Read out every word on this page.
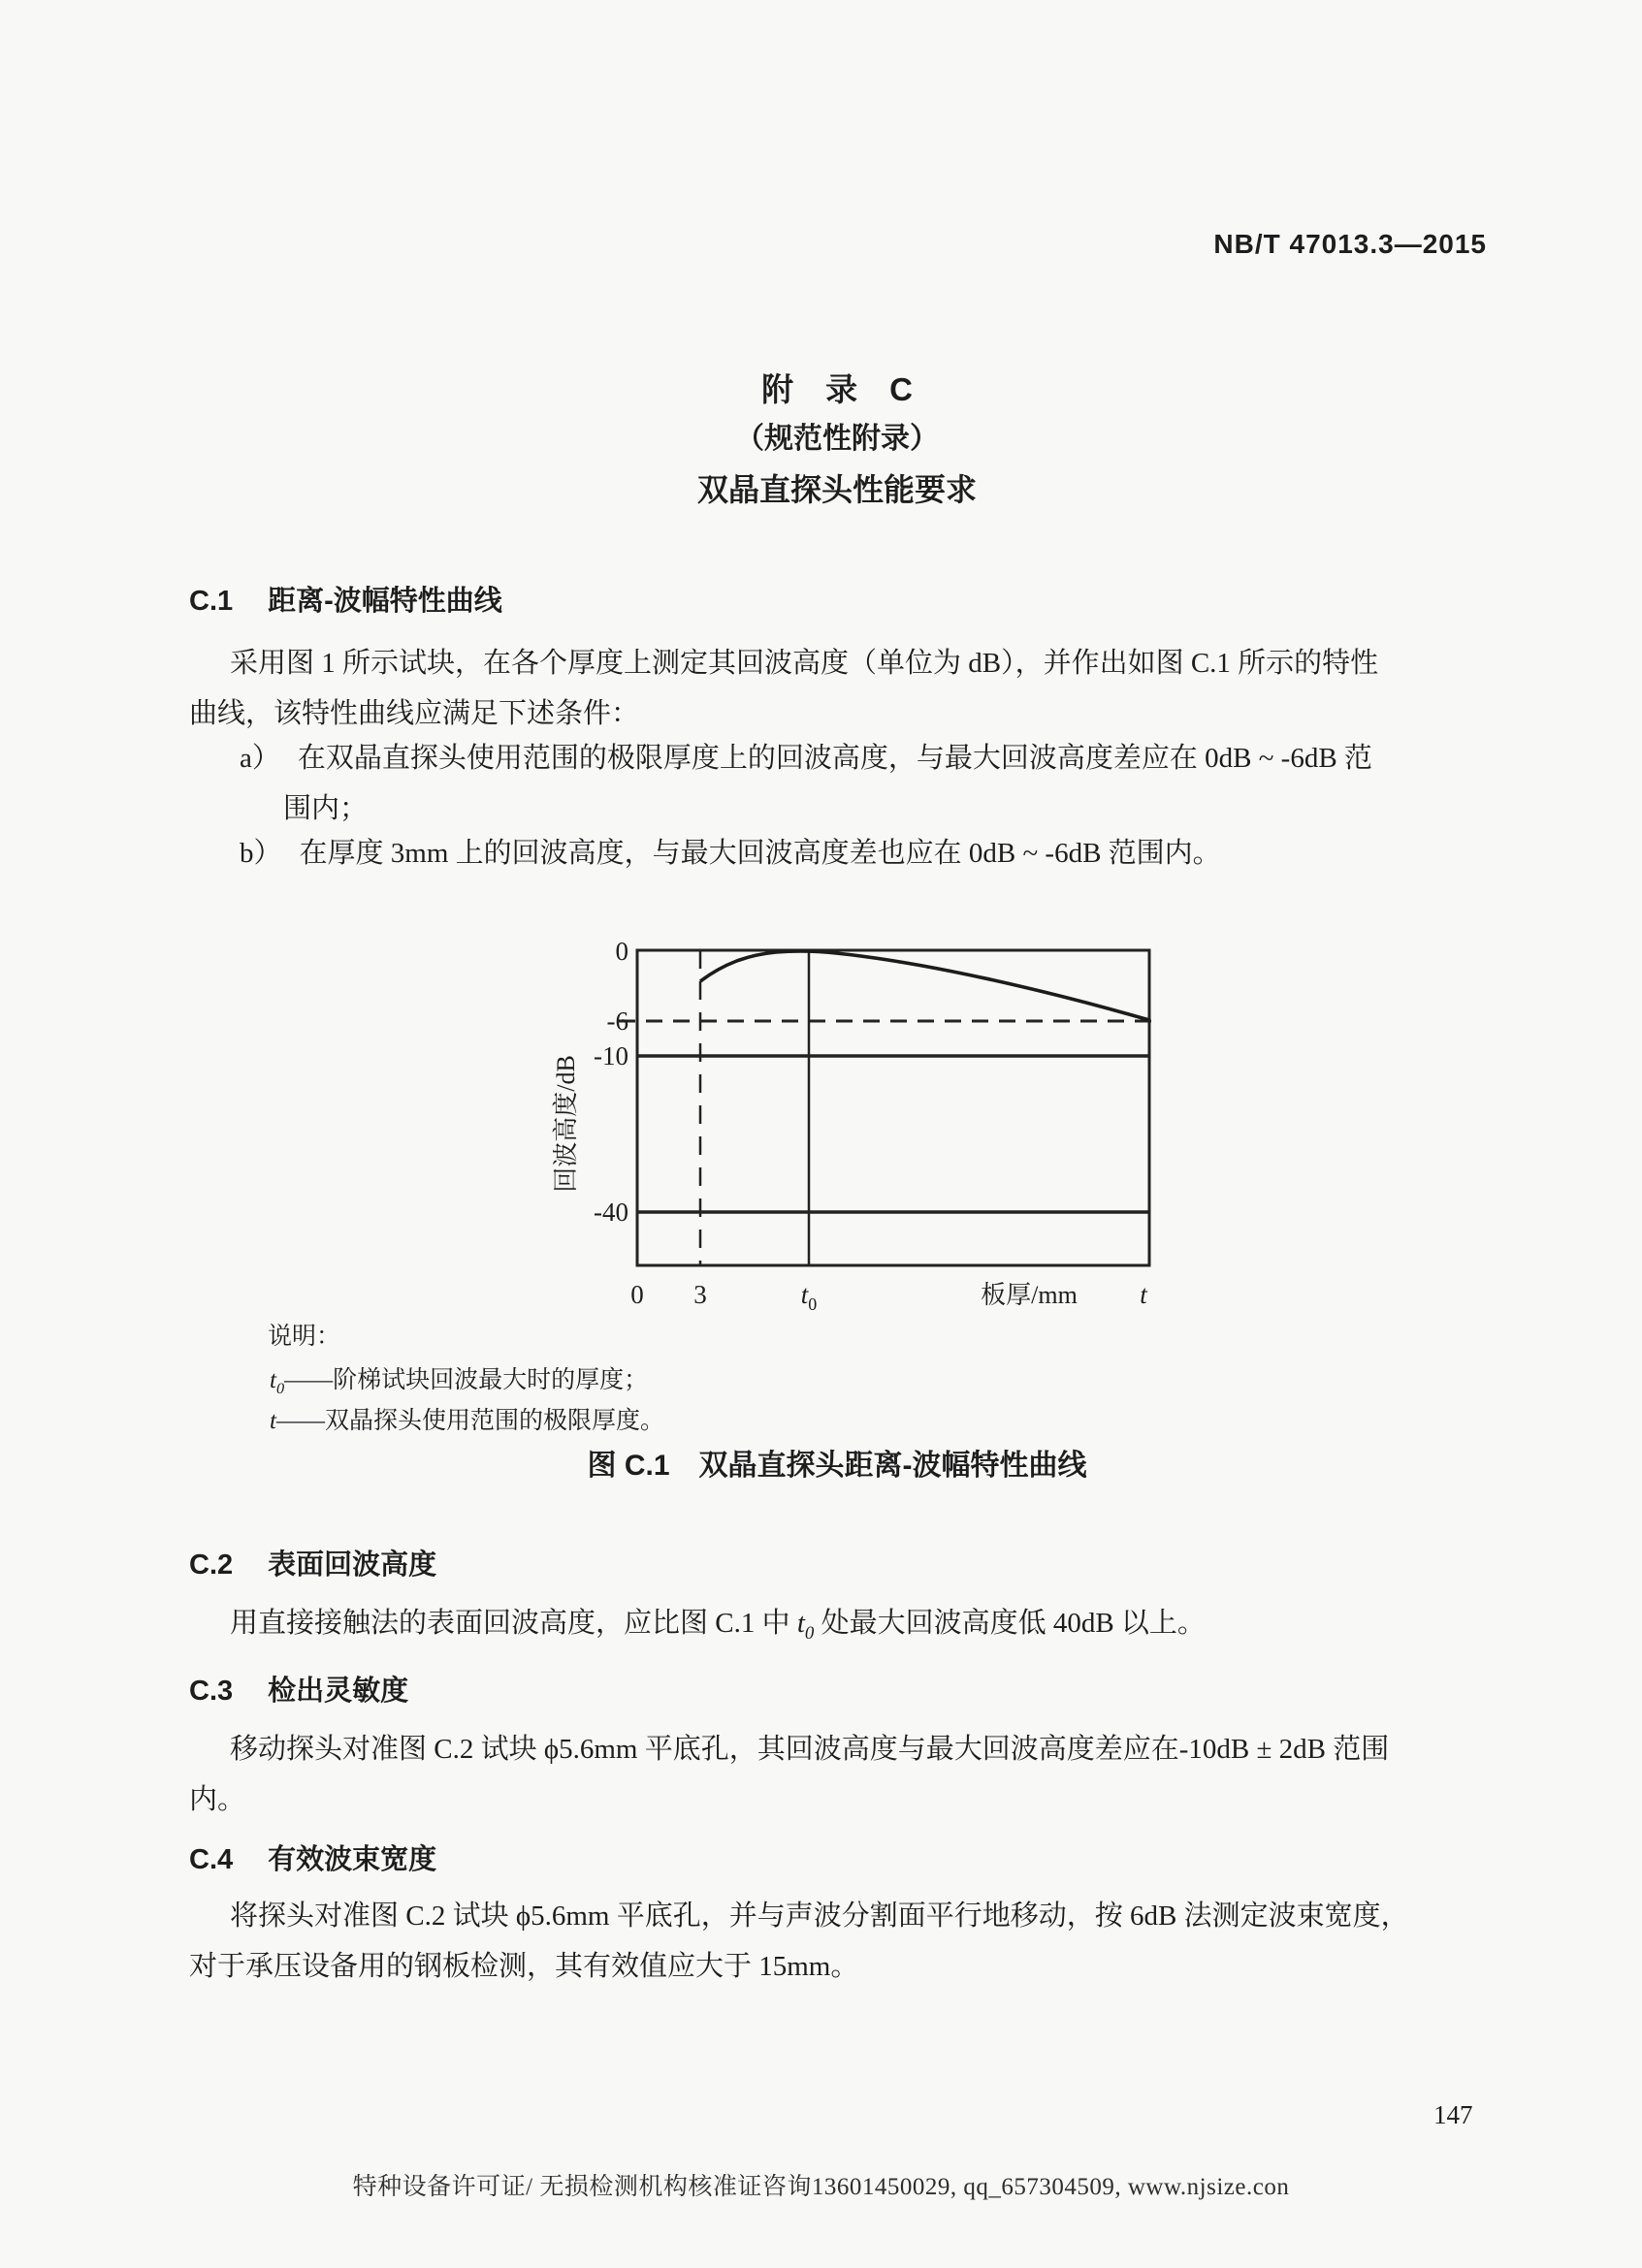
NB/T 47013.3—2015
附　录　C
（规范性附录）
双晶直探头性能要求
C.1 距离-波幅特性曲线
采用图 1 所示试块，在各个厚度上测定其回波高度（单位为 dB），并作出如图 C.1 所示的特性
曲线，该特性曲线应满足下述条件：
a） 在双晶直探头使用范围的极限厚度上的回波高度，与最大回波高度差应在 0dB ~ -6dB 范
围内；
b） 在厚度 3mm 上的回波高度，与最大回波高度差也应在 0dB ~ -6dB 范围内。
0
-6
-10
-40
回波高度/dB
0 3	$t_0$	板厚/mm t
说明：
$t_0——$阶梯试块回波最大时的厚度；
t——双晶探头使用范围的极限厚度。
图 C.1　双晶直探头距离-波幅特性曲线
C.2 表面回波高度
用直接接触法的表面回波高度，应比图 C.1 中 $t_0$ 处最大回波高度低 40dB 以上。
C.3 检出灵敏度
移动探头对准图 C.2 试块 ϕ5.6mm 平底孔，其回波高度与最大回波高度差应在-10dB ± 2dB 范围
内。
C.4 有效波束宽度
将探头对准图 C.2 试块 ϕ5.6mm 平底孔，并与声波分割面平行地移动，按 6dB 法测定波束宽度，
对于承压设备用的钢板检测，其有效值应大于 15mm。
147
特种设备许可证/ 无损检测机构核准证咨询13601450029, qq_657304509, www.njsize.con
